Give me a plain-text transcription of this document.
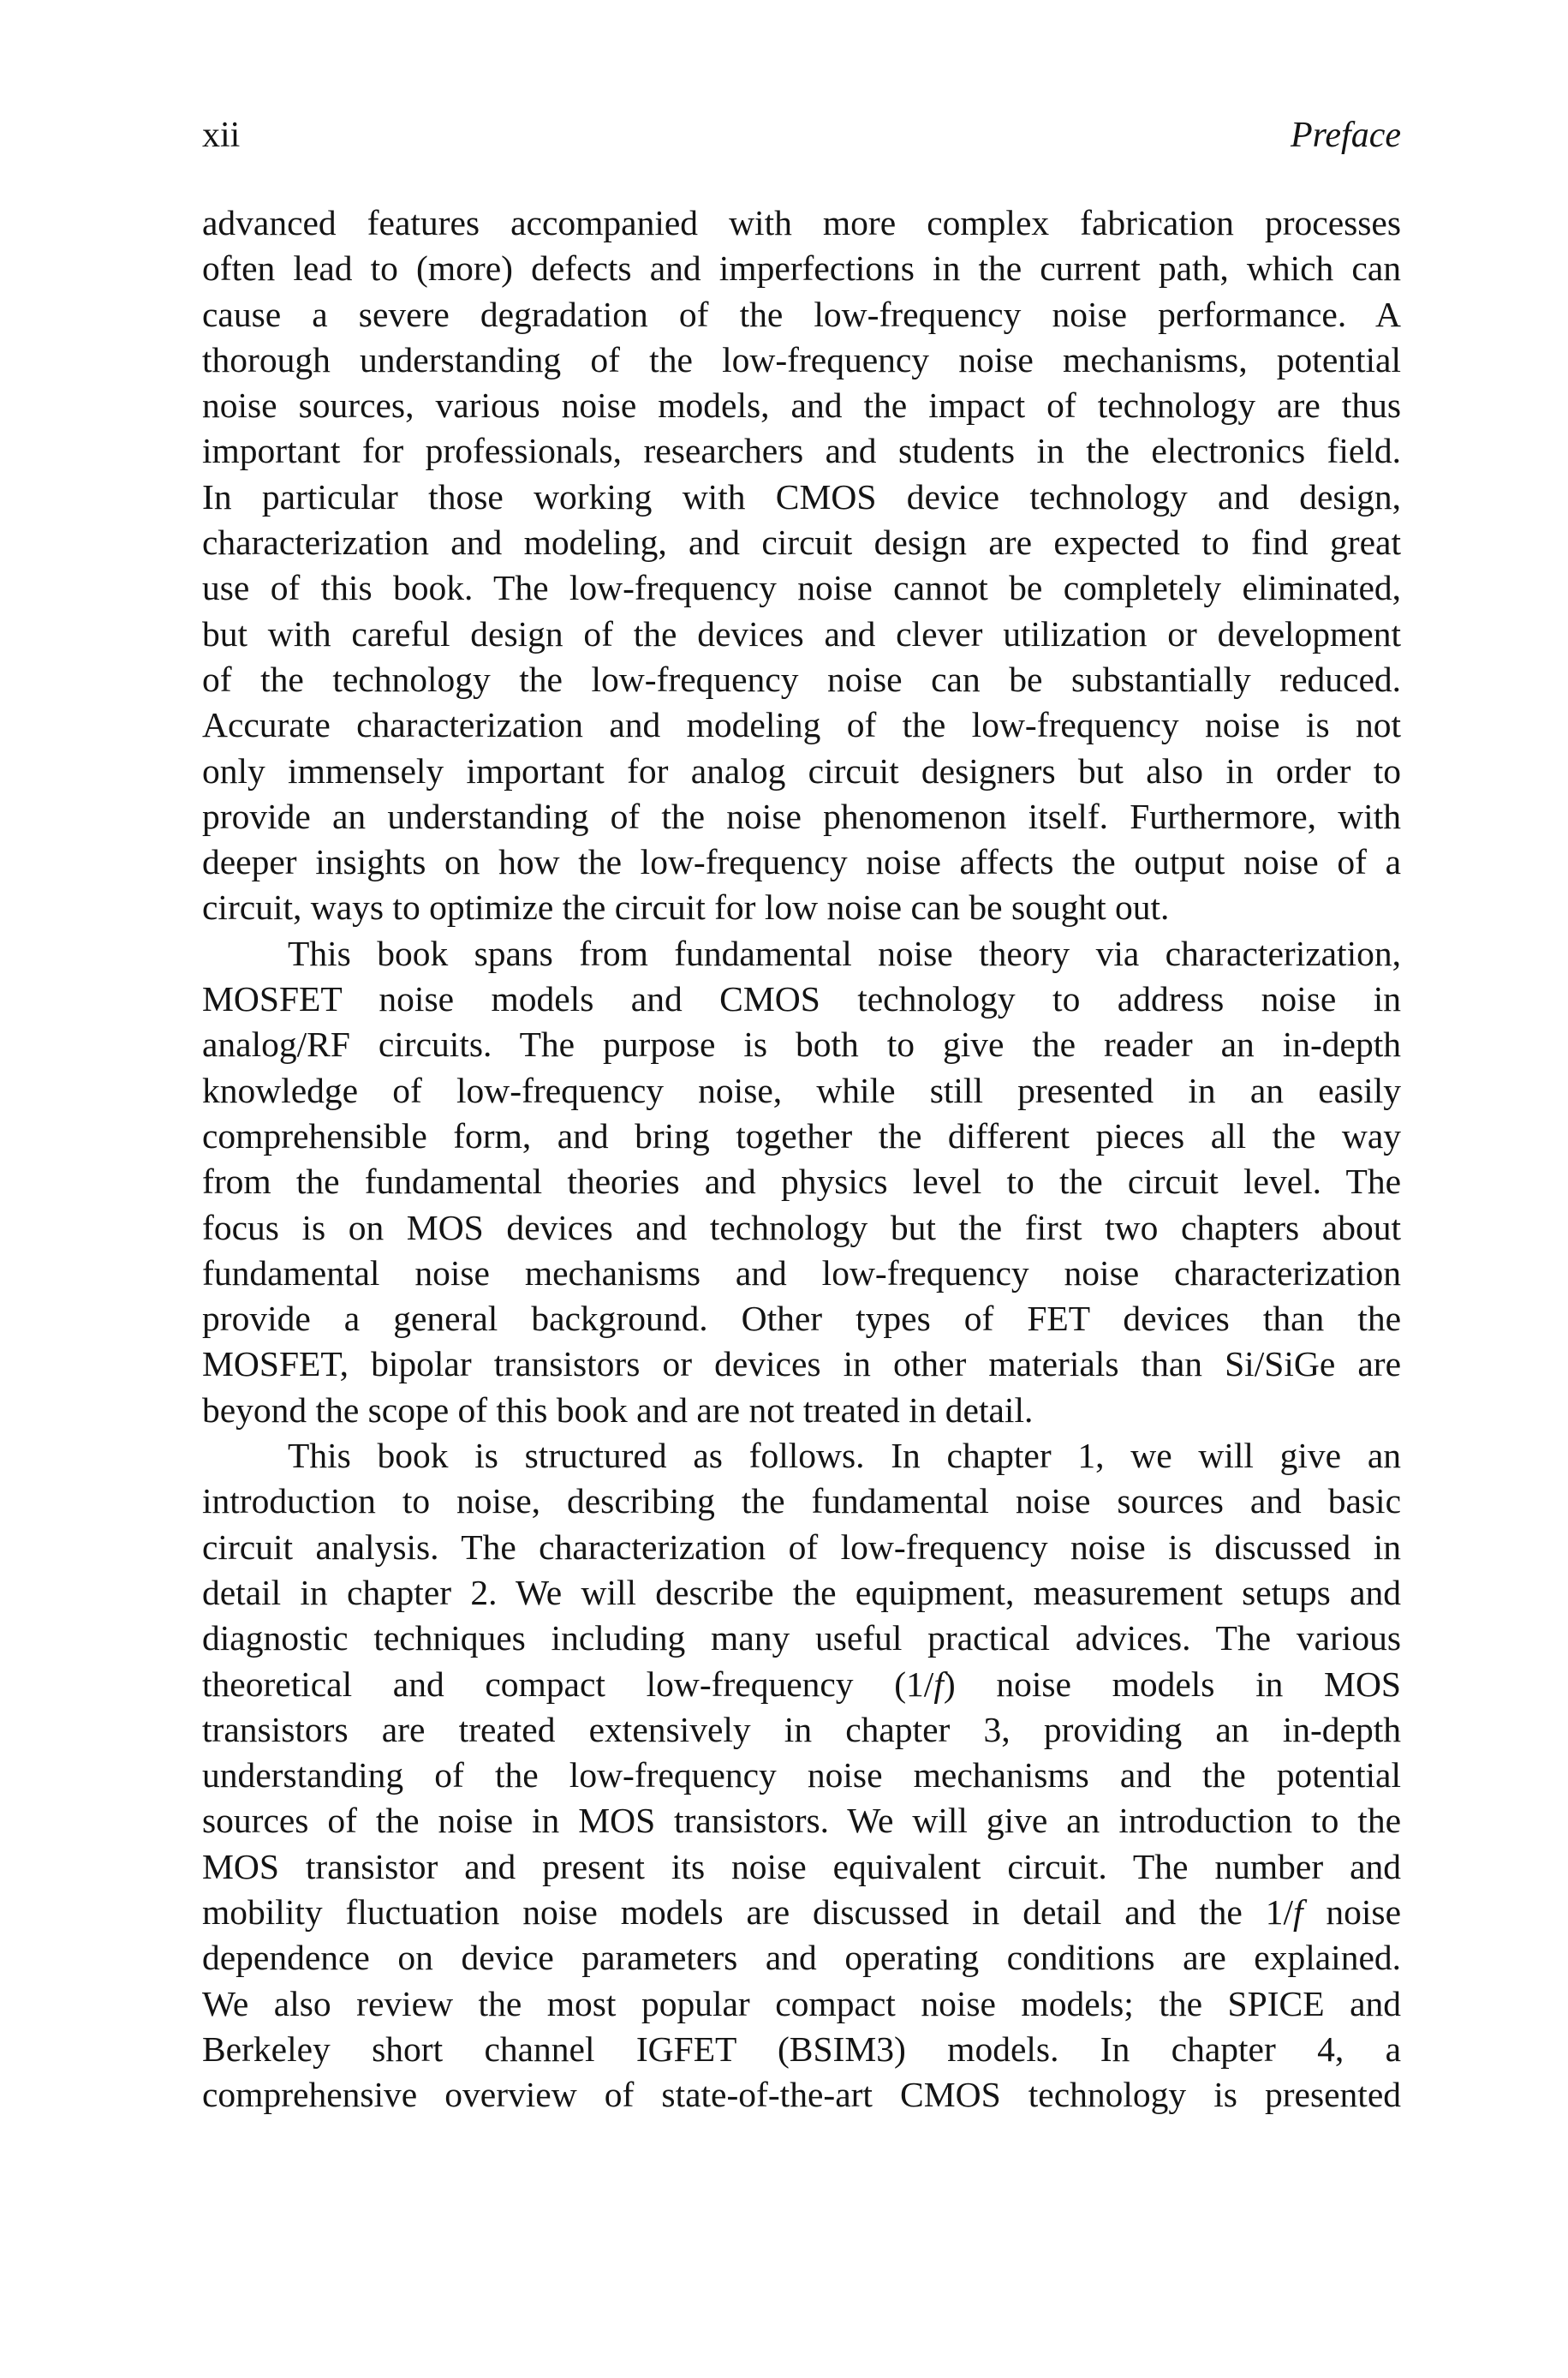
xii	Preface
advanced features accompanied with more complex fabrication processes
often lead to (more) defects and imperfections in the current path, which can
cause a severe degradation of the low-frequency noise performance. A
thorough understanding of the low-frequency noise mechanisms, potential
noise sources, various noise models, and the impact of technology are thus
important for professionals, researchers and students in the electronics field.
In particular those working with CMOS device technology and design,
characterization and modeling, and circuit design are expected to find great
use of this book. The low-frequency noise cannot be completely eliminated,
but with careful design of the devices and clever utilization or development
of the technology the low-frequency noise can be substantially reduced.
Accurate characterization and modeling of the low-frequency noise is not
only immensely important for analog circuit designers but also in order to
provide an understanding of the noise phenomenon itself. Furthermore, with
deeper insights on how the low-frequency noise affects the output noise of a
circuit, ways to optimize the circuit for low noise can be sought out.
This book spans from fundamental noise theory via characterization,
MOSFET noise models and CMOS technology to address noise in
analog/RF circuits. The purpose is both to give the reader an in-depth
knowledge of low-frequency noise, while still presented in an easily
comprehensible form, and bring together the different pieces all the way
from the fundamental theories and physics level to the circuit level. The
focus is on MOS devices and technology but the first two chapters about
fundamental noise mechanisms and low-frequency noise characterization
provide a general background. Other types of FET devices than the
MOSFET, bipolar transistors or devices in other materials than Si/SiGe are
beyond the scope of this book and are not treated in detail.
This book is structured as follows. In chapter 1, we will give an
introduction to noise, describing the fundamental noise sources and basic
circuit analysis. The characterization of low-frequency noise is discussed in
detail in chapter 2. We will describe the equipment, measurement setups and
diagnostic techniques including many useful practical advices. The various
theoretical and compact low-frequency (1/f) noise models in MOS
transistors are treated extensively in chapter 3, providing an in-depth
understanding of the low-frequency noise mechanisms and the potential
sources of the noise in MOS transistors. We will give an introduction to the
MOS transistor and present its noise equivalent circuit. The number and
mobility fluctuation noise models are discussed in detail and the 1/f noise
dependence on device parameters and operating conditions are explained.
We also review the most popular compact noise models; the SPICE and
Berkeley short channel IGFET (BSIM3) models. In chapter 4, a
comprehensive overview of state-of-the-art CMOS technology is presented
